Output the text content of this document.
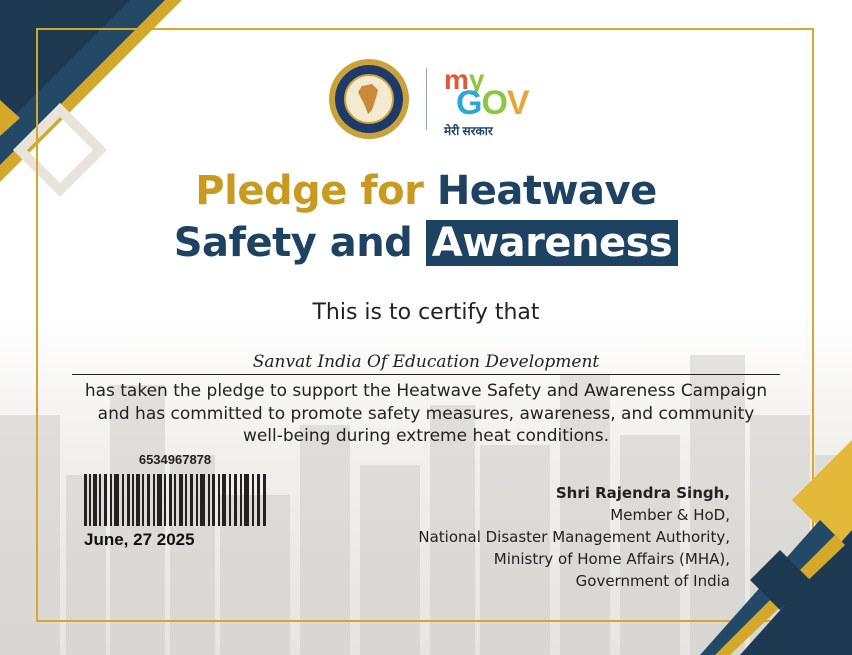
my
GOV
मेरी सरकार
Pledge for Heatwave
Safety and Awareness
This is to certify that
Sanvat India Of Education Development
has taken the pledge to support the Heatwave Safety and Awareness Campaign
and has committed to promote safety measures, awareness, and community
well-being during extreme heat conditions.
6534967878
June, 27 2025
Shri Rajendra Singh,
Member & HoD,
National Disaster Management Authority,
Ministry of Home Affairs (MHA),
Government of India
